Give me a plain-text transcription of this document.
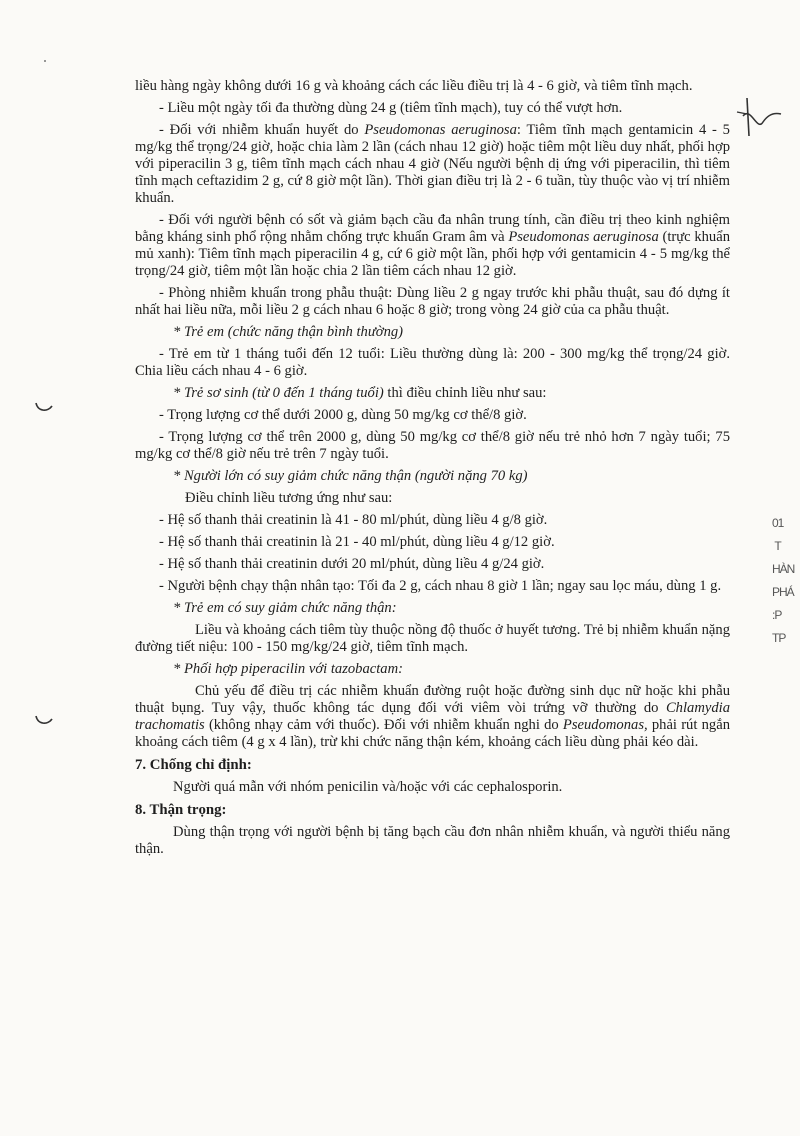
liều hàng ngày không dưới 16 g và khoảng cách các liều điều trị là 4 - 6 giờ, và tiêm tĩnh mạch.

- Liều một ngày tối đa thường dùng 24 g (tiêm tĩnh mạch), tuy có thể vượt hơn.

- Đối với nhiễm khuẩn huyết do Pseudomonas aeruginosa: Tiêm tĩnh mạch gentamicin 4 - 5 mg/kg thể trọng/24 giờ, hoặc chia làm 2 lần (cách nhau 12 giờ) hoặc tiêm một liều duy nhất, phối hợp với piperacilin 3 g, tiêm tĩnh mạch cách nhau 4 giờ (Nếu người bệnh dị ứng với piperacilin, thì tiêm tĩnh mạch ceftazidim 2 g, cứ 8 giờ một lần). Thời gian điều trị là 2 - 6 tuần, tùy thuộc vào vị trí nhiễm khuẩn.

- Đối với người bệnh có sốt và giảm bạch cầu đa nhân trung tính, cần điều trị theo kinh nghiệm bằng kháng sinh phổ rộng nhằm chống trực khuẩn Gram âm và Pseudomonas aeruginosa (trực khuẩn mủ xanh): Tiêm tĩnh mạch piperacilin 4 g, cứ 6 giờ một lần, phối hợp với gentamicin 4 - 5 mg/kg thể trọng/24 giờ, tiêm một lần hoặc chia 2 lần tiêm cách nhau 12 giờ.

- Phòng nhiễm khuẩn trong phẫu thuật: Dùng liều 2 g ngay trước khi phẫu thuật, sau đó dựng ít nhất hai liều nữa, mỗi liều 2 g cách nhau 6 hoặc 8 giờ; trong vòng 24 giờ của ca phẫu thuật.

* Trẻ em (chức năng thận bình thường)

- Trẻ em từ 1 tháng tuổi đến 12 tuổi: Liều thường dùng là: 200 - 300 mg/kg thể trọng/24 giờ. Chia liều cách nhau 4 - 6 giờ.

* Trẻ sơ sinh (từ 0 đến 1 tháng tuổi) thì điều chỉnh liều như sau:

- Trọng lượng cơ thể dưới 2000 g, dùng 50 mg/kg cơ thể/8 giờ.

- Trọng lượng cơ thể trên 2000 g, dùng 50 mg/kg cơ thể/8 giờ nếu trẻ nhỏ hơn 7 ngày tuổi; 75 mg/kg cơ thể/8 giờ nếu trẻ trên 7 ngày tuổi.

* Người lớn có suy giảm chức năng thận (người nặng 70 kg)

Điều chỉnh liều tương ứng như sau:

- Hệ số thanh thải creatinin là 41 - 80 ml/phút, dùng liều 4 g/8 giờ.

- Hệ số thanh thải creatinin là 21 - 40 ml/phút, dùng liều 4 g/12 giờ.

- Hệ số thanh thải creatinin dưới 20 ml/phút, dùng liều 4 g/24 giờ.

- Người bệnh chạy thận nhân tạo: Tối đa 2 g, cách nhau 8 giờ 1 lần; ngay sau lọc máu, dùng 1 g.

* Trẻ em có suy giảm chức năng thận:

Liều và khoảng cách tiêm tùy thuộc nồng độ thuốc ở huyết tương. Trẻ bị nhiễm khuẩn nặng đường tiết niệu: 100 - 150 mg/kg/24 giờ, tiêm tĩnh mạch.

* Phối hợp piperacilin với tazobactam:

Chủ yếu để điều trị các nhiễm khuẩn đường ruột hoặc đường sinh dục nữ hoặc khi phẫu thuật bụng. Tuy vậy, thuốc không tác dụng đối với viêm vòi trứng vỡ thường do Chlamydia trachomatis (không nhạy cảm với thuốc). Đối với nhiễm khuẩn nghi do Pseudomonas, phải rút ngắn khoảng cách tiêm (4 g x 4 lần), trừ khi chức năng thận kém, khoảng cách liều dùng phải kéo dài.

7. Chống chỉ định:

Người quá mẫn với nhóm penicilin và/hoặc với các cephalosporin.

8. Thận trọng:

Dùng thận trọng với người bệnh bị tăng bạch cầu đơn nhân nhiễm khuẩn, và người thiểu năng thận.

01
T
HÀN
PHÁ
:P
TP
